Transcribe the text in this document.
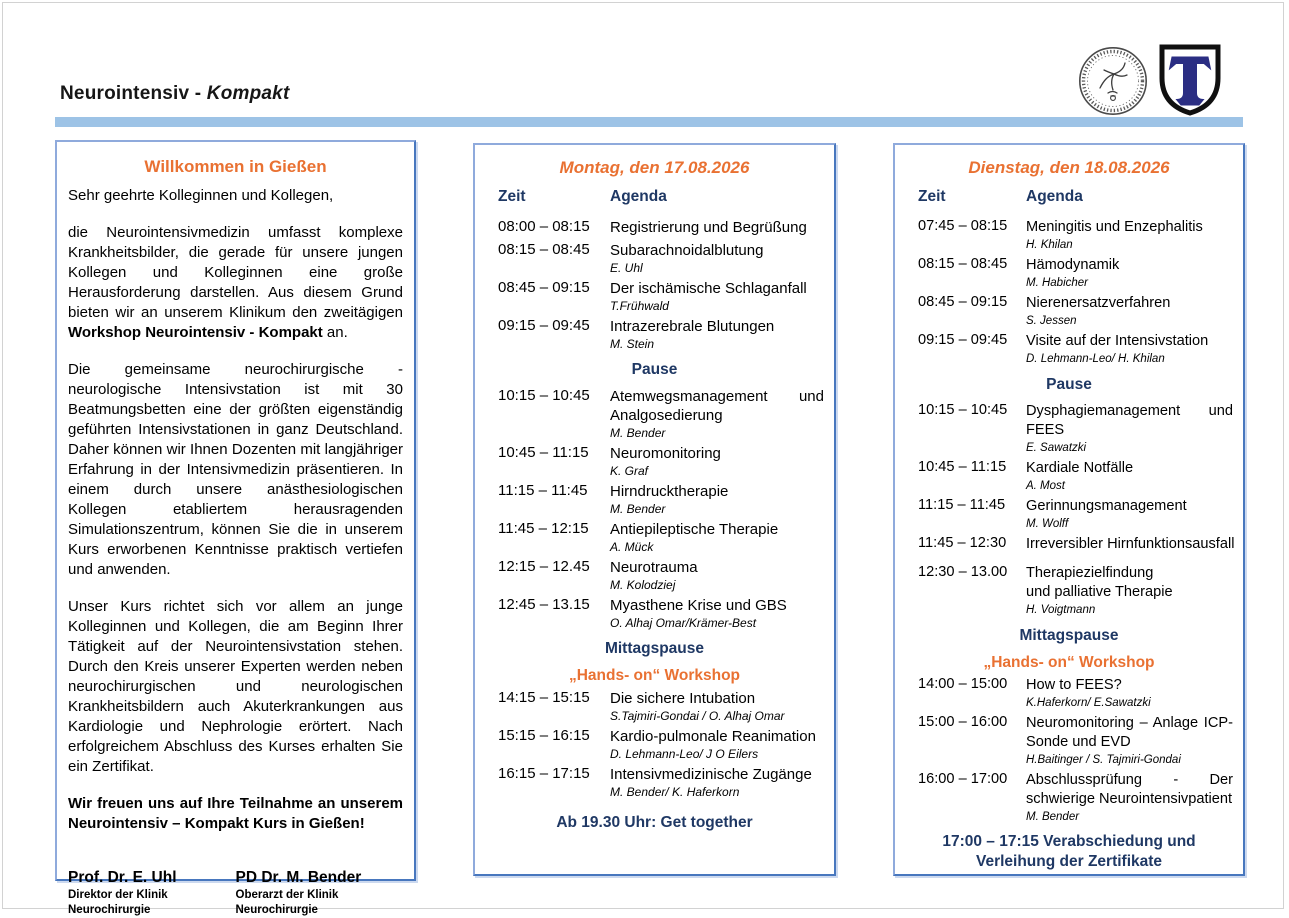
Neurointensiv - Kompakt
Willkommen in Gießen

Sehr geehrte Kolleginnen und Kollegen,

die Neurointensivmedizin umfasst komplexe Krankheitsbilder, die gerade für unsere jungen Kollegen und Kolleginnen eine große Herausforderung darstellen. Aus diesem Grund bieten wir an unserem Klinikum den zweitägigen Workshop Neurointensiv - Kompakt an.

Die gemeinsame neurochirurgische - neurologische Intensivstation ist mit 30 Beatmungsbetten eine der größten eigenständig geführten Intensivstationen in ganz Deutschland. Daher können wir Ihnen Dozenten mit langjähriger Erfahrung in der Intensivmedizin präsentieren. In einem durch unsere anästhesiologischen Kollegen etabliertem herausragenden Simulationszentrum, können Sie die in unserem Kurs erworbenen Kenntnisse praktisch vertiefen und anwenden.

Unser Kurs richtet sich vor allem an junge Kolleginnen und Kollegen, die am Beginn Ihrer Tätigkeit auf der Neurointensivstation stehen. Durch den Kreis unserer Experten werden neben neurochirurgischen und neurologischen Krankheitsbildern auch Akuterkrankungen aus Kardiologie und Nephrologie erörtert. Nach erfolgreichem Abschluss des Kurses erhalten Sie ein Zertifikat.

Wir freuen uns auf Ihre Teilnahme an unserem Neurointensiv – Kompakt Kurs in Gießen!

Prof. Dr. E. Uhl
Direktor der Klinik
Neurochirurgie
PD Dr. M. Bender
Oberarzt der Klinik
Neurochirurgie
Montag, den 17.08.2026
Zeit	Agenda
08:00 – 08:15	Registrierung und Begrüßung
08:15 – 08:45	Subarachnoidalblutung
E. Uhl
08:45 – 09:15	Der ischämische Schlaganfall
T.Frühwald
09:15 – 09:45	Intrazerebrale Blutungen
M. Stein
Pause
10:15 – 10:45	Atemwegsmanagement und
Analgosedierung
M. Bender
10:45 – 11:15	Neuromonitoring
K. Graf
11:15 – 11:45	Hirndrucktherapie
M. Bender
11:45 – 12:15	Antiepileptische Therapie
A. Mück
12:15 – 12.45	Neurotrauma
M. Kolodziej
12:45 – 13.15	Myasthene Krise und GBS
O. Alhaj Omar/Krämer-Best
Mittagspause
„Hands- on“ Workshop
14:15 – 15:15	Die sichere Intubation
S.Tajmiri-Gondai / O. Alhaj Omar
15:15 – 16:15	Kardio-pulmonale Reanimation
D. Lehmann-Leo/ J O Eilers
16:15 – 17:15	Intensivmedizinische Zugänge
M. Bender/ K. Haferkorn
Ab 19.30 Uhr: Get together
Dienstag, den 18.08.2026
Zeit	Agenda
07:45 – 08:15	Meningitis und Enzephalitis
H. Khilan
08:15 – 08:45	Hämodynamik
M. Habicher
08:45 – 09:15	Nierenersatzverfahren
S. Jessen
09:15 – 09:45	Visite auf der Intensivstation
D. Lehmann-Leo/ H. Khilan
Pause
10:15 – 10:45	Dysphagiemanagement und
FEES
E. Sawatzki
10:45 – 11:15	Kardiale Notfälle
A. Most
11:15 – 11:45	Gerinnungsmanagement
M. Wolff
11:45 – 12:30	Irreversibler Hirnfunktionsausfall
12:30 – 13.00	Therapiezielfindung
und palliative Therapie
H. Voigtmann
Mittagspause
„Hands- on“ Workshop
14:00 – 15:00	How to FEES?
K.Haferkorn/ E.Sawatzki
15:00 – 16:00	Neuromonitoring – Anlage ICP-
Sonde und EVD
H.Baitinger / S. Tajmiri-Gondai
16:00 – 17:00	Abschlussprüfung - Der
schwierige Neurointensivpatient
M. Bender
17:00 – 17:15 Verabschiedung und
Verleihung der Zertifikate
